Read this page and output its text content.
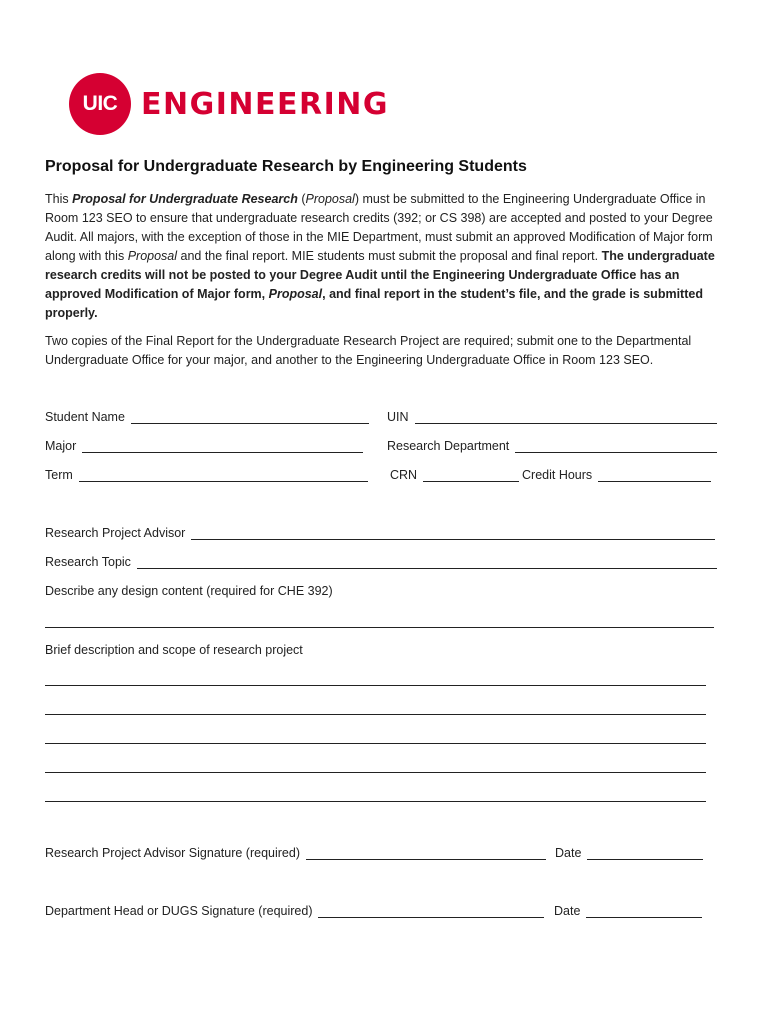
UIC ENGINEERING
Proposal for Undergraduate Research by Engineering Students

This Proposal for Undergraduate Research (Proposal) must be submitted to the Engineering Undergraduate Office in Room 123 SEO to ensure that undergraduate research credits (392; or CS 398) are accepted and posted to your Degree Audit. All majors, with the exception of those in the MIE Department, must submit an approved Modification of Major form along with this Proposal and the final report. MIE students must submit the proposal and final report. The undergraduate research credits will not be posted to your Degree Audit until the Engineering Undergraduate Office has an approved Modification of Major form, Proposal, and final report in the student’s file, and the grade is submitted properly.

Two copies of the Final Report for the Undergraduate Research Project are required; submit one to the Departmental Undergraduate Office for your major, and another to the Engineering Undergraduate Office in Room 123 SEO.

Student Name	UIN
Major	Research Department
Term	CRN	Credit Hours
Research Project Advisor
Research Topic
Describe any design content (required for CHE 392)
Brief description and scope of research project
Research Project Advisor Signature (required)	Date
Department Head or DUGS Signature (required)	Date
